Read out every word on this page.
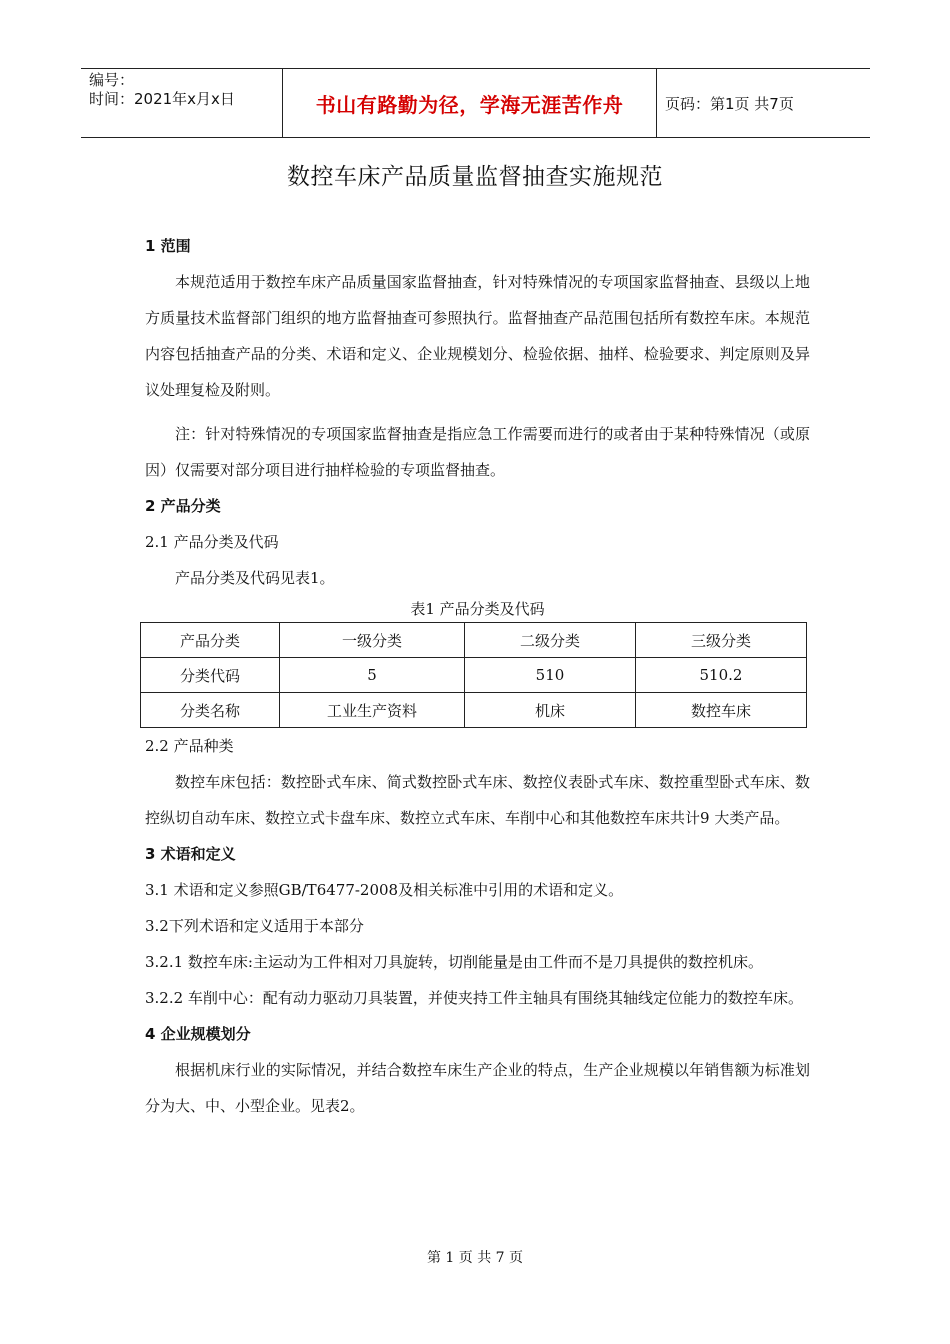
编号：
时间：2021年x月x日	书山有路勤为径，学海无涯苦作舟	页码：第1页 共7页
数控车床产品质量监督抽查实施规范
1 范围

本规范适用于数控车床产品质量国家监督抽查，针对特殊情况的专项国家监督抽查、县级以上地方质量技术监督部门组织的地方监督抽查可参照执行。监督抽查产品范围包括所有数控车床。本规范内容包括抽查产品的分类、术语和定义、企业规模划分、检验依据、抽样、检验要求、判定原则及异议处理复检及附则。

注：针对特殊情况的专项国家监督抽查是指应急工作需要而进行的或者由于某种特殊情况（或原因）仅需要对部分项目进行抽样检验的专项监督抽查。

2 产品分类

2.1 产品分类及代码

产品分类及代码见表1。

表1 产品分类及代码

产品分类	一级分类	二级分类	三级分类
分类代码	5	510	510.2
分类名称	工业生产资料	机床	数控车床

2.2 产品种类

数控车床包括：数控卧式车床、简式数控卧式车床、数控仪表卧式车床、数控重型卧式车床、数控纵切自动车床、数控立式卡盘车床、数控立式车床、车削中心和其他数控车床共计9 大类产品。

3 术语和定义

3.1 术语和定义参照GB/T6477-2008及相关标准中引用的术语和定义。

3.2下列术语和定义适用于本部分

3.2.1 数控车床:主运动为工件相对刀具旋转，切削能量是由工件而不是刀具提供的数控机床。

3.2.2 车削中心：配有动力驱动刀具装置，并使夹持工件主轴具有围绕其轴线定位能力的数控车床。

4 企业规模划分

根据机床行业的实际情况，并结合数控车床生产企业的特点，生产企业规模以年销售额为标准划分为大、中、小型企业。见表2。

第 1 页 共 7 页
